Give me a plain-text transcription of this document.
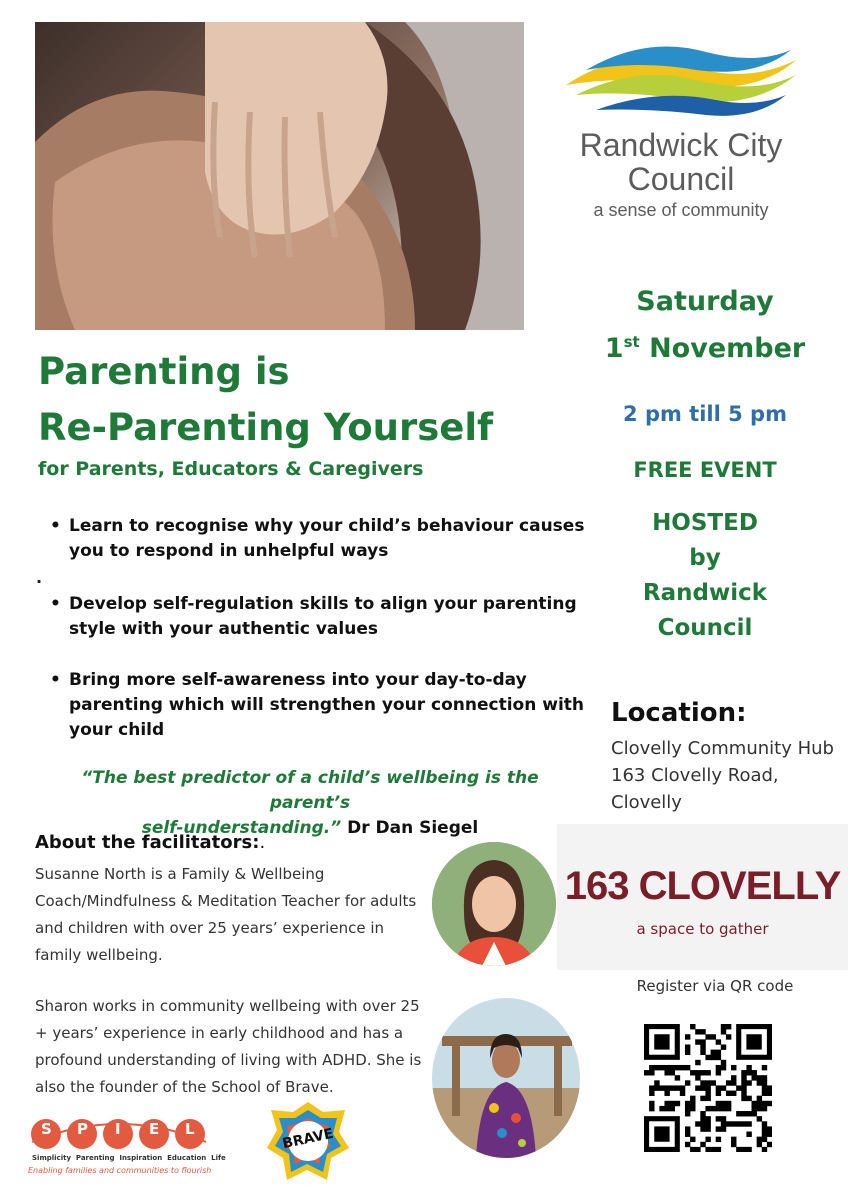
Randwick City
Council
a sense of community
Saturday
1st November
2 pm till 5 pm
FREE EVENT
HOSTED
by
Randwick
Council
Parenting is
Re-Parenting Yourself
for Parents, Educators & Caregivers
• Learn to recognise why your child’s behaviour causes
you to respond in unhelpful ways
.
• Develop self-regulation skills to align your parenting
style with your authentic values
• Bring more self-awareness into your day-to-day
parenting which will strengthen your connection with
your child
“The best predictor of a child’s wellbeing is the parent’s
self-understanding.” Dr Dan Siegel
About the facilitators:.
Susanne North is a Family & Wellbeing
Coach/Mindfulness & Meditation Teacher for adults
and children with over 25 years’ experience in
family wellbeing.
Sharon works in community wellbeing with over 25
+ years’ experience in early childhood and has a
profound understanding of living with ADHD. She is
also the founder of the School of Brave.
Location:
Clovelly Community Hub
163 Clovelly Road,
Clovelly
163 CLOVELLY
a space to gather
Register via QR code
S P I E L
Simplicity  Parenting  Inspiration  Education  Life
Enabling families and communities to flourish
BRAVE
